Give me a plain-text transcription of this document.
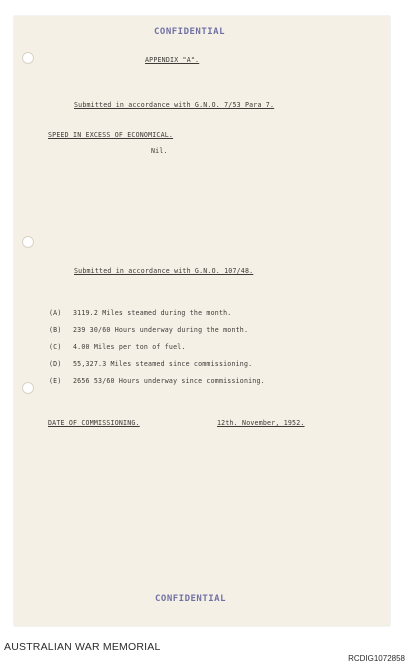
CONFIDENTIAL
APPENDIX "A".
Submitted in accordance with G.N.O. 7/53 Para 7.
SPEED IN EXCESS OF ECONOMICAL.
Nil.
Submitted in accordance with G.N.O. 107/48.
(A) 3119.2 Miles steamed during the month.
(B) 239 30/60 Hours underway during the month.
(C) 4.00 Miles per ton of fuel.
(D) 55,327.3 Miles steamed since commissioning.
(E) 2656 53/60 Hours underway since commissioning.
DATE OF COMMISSIONING.	12th. November, 1952.
CONFIDENTIAL
AUSTRALIAN WAR MEMORIAL
RCDIG1072858
